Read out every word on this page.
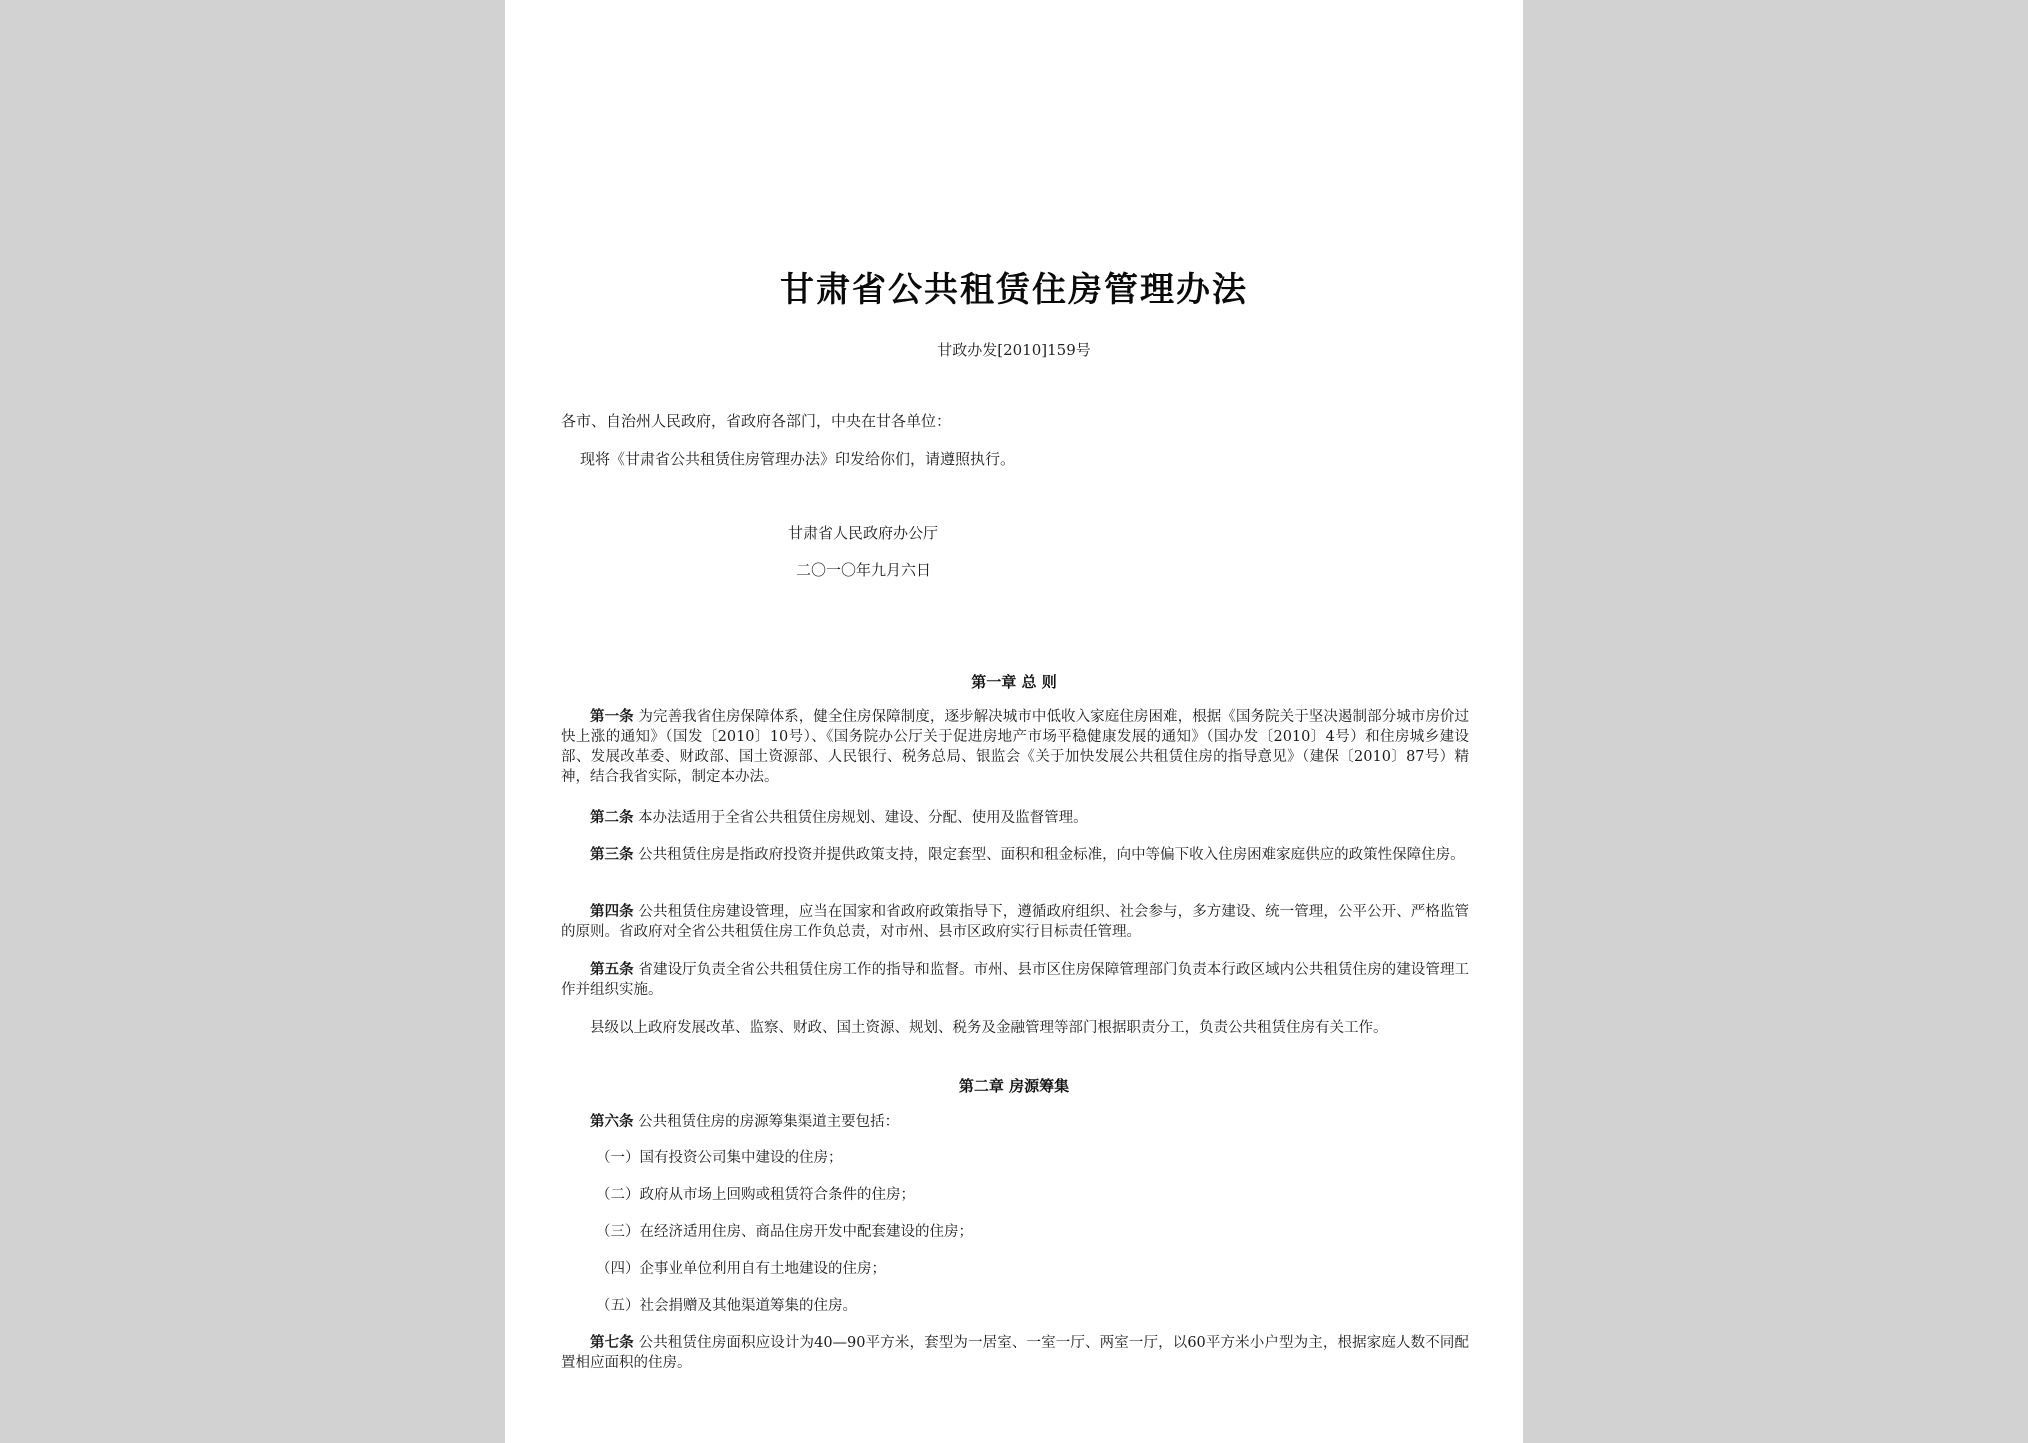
甘肃省公共租赁住房管理办法
甘政办发[2010]159号
各市、自治州人民政府，省政府各部门，中央在甘各单位：
现将《甘肃省公共租赁住房管理办法》印发给你们，请遵照执行。
甘肃省人民政府办公厅
二〇一〇年九月六日
第一章 总 则
第一条 为完善我省住房保障体系，健全住房保障制度，逐步解决城市中低收入家庭住房困难，根据《国务院关于坚决遏制部分城市房价过快上涨的通知》（国发〔2010〕10号）、《国务院办公厅关于促进房地产市场平稳健康发展的通知》（国办发〔2010〕4号）和住房城乡建设部、发展改革委、财政部、国土资源部、人民银行、税务总局、银监会《关于加快发展公共租赁住房的指导意见》（建保〔2010〕87号）精神，结合我省实际，制定本办法。
第二条 本办法适用于全省公共租赁住房规划、建设、分配、使用及监督管理。
第三条 公共租赁住房是指政府投资并提供政策支持，限定套型、面积和租金标准，向中等偏下收入住房困难家庭供应的政策性保障住房。
第四条 公共租赁住房建设管理，应当在国家和省政府政策指导下，遵循政府组织、社会参与，多方建设、统一管理，公平公开、严格监管的原则。省政府对全省公共租赁住房工作负总责，对市州、县市区政府实行目标责任管理。
第五条 省建设厅负责全省公共租赁住房工作的指导和监督。市州、县市区住房保障管理部门负责本行政区域内公共租赁住房的建设管理工作并组织实施。
县级以上政府发展改革、监察、财政、国土资源、规划、税务及金融管理等部门根据职责分工，负责公共租赁住房有关工作。
第二章 房源筹集
第六条 公共租赁住房的房源筹集渠道主要包括：
（一）国有投资公司集中建设的住房；
（二）政府从市场上回购或租赁符合条件的住房；
（三）在经济适用住房、商品住房开发中配套建设的住房；
（四）企事业单位利用自有土地建设的住房；
（五）社会捐赠及其他渠道筹集的住房。
第七条 公共租赁住房面积应设计为40—90平方米，套型为一居室、一室一厅、两室一厅，以60平方米小户型为主，根据家庭人数不同配置相应面积的住房。
